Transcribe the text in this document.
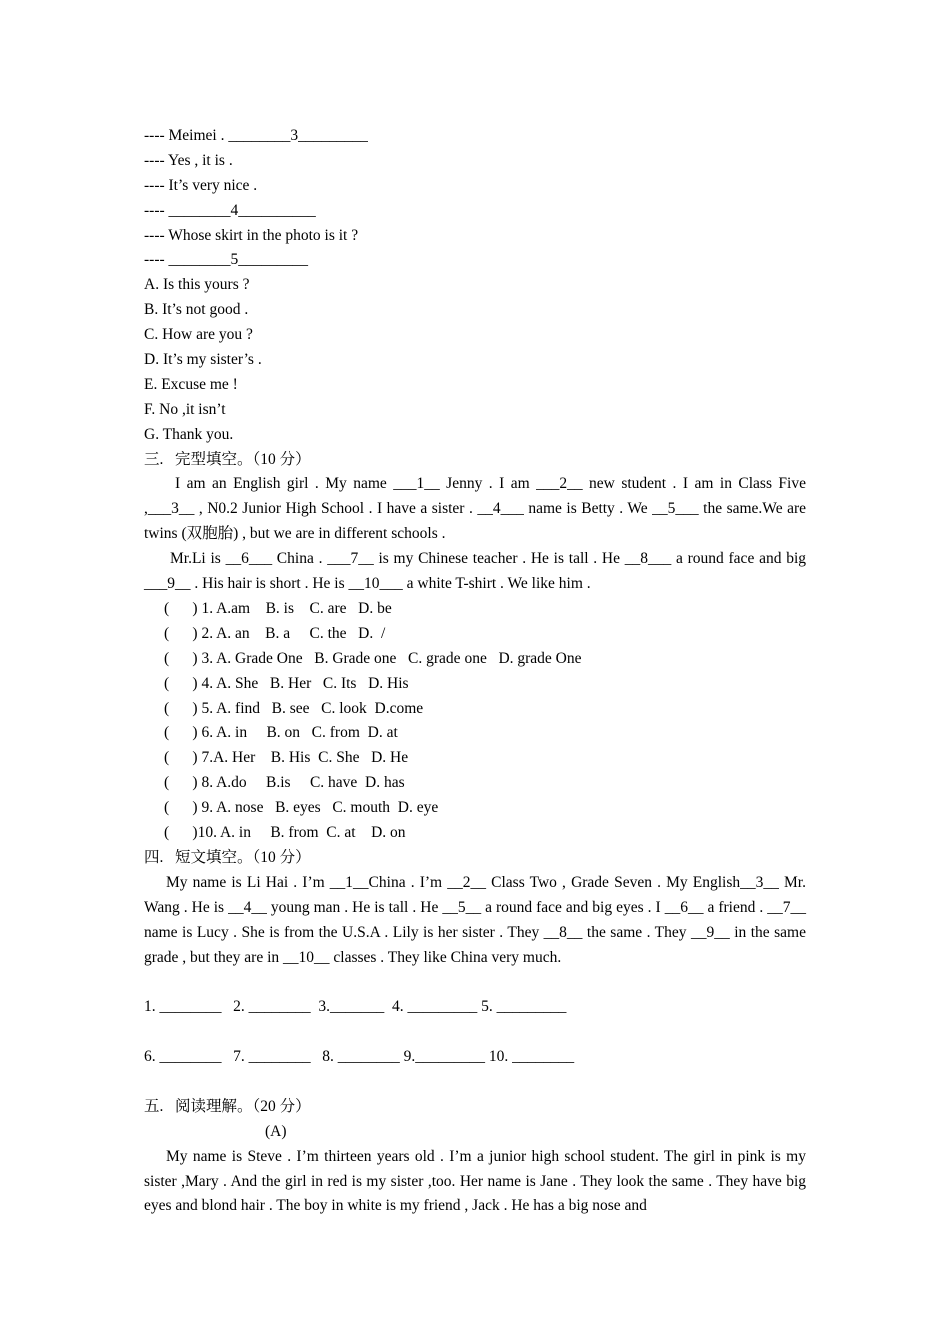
---- Meimei . ________3_________
---- Yes , it is .
---- It’s very nice .
---- ________4__________
---- Whose skirt in the photo is it ?
---- ________5_________
A. Is this yours ?
B. It’s not good .
C. How are you ?
D. It’s my sister’s .
E. Excuse me !
F. No ,it isn’t
G. Thank you.
三.   完型填空。（10 分）
I am an English girl . My name ___1__ Jenny . I am ___2__ new student . I am in Class Five ,___3__ , N0.2 Junior High School . I have a sister . __4___ name is Betty . We __5___ the same.We are twins (双胞胎) , but we are in different schools .
Mr.Li is __6___ China . ___7__ is my Chinese teacher . He is tall . He __8___ a round face and big ___9__ . His hair is short . He is __10___ a white T-shirt . We like him .
(      ) 1. A.am    B. is    C. are   D. be
(      ) 2. A. an    B. a     C. the   D.  /
(      ) 3. A. Grade One   B. Grade one   C. grade one   D. grade One
(      ) 4. A. She   B. Her   C. Its   D. His
(      ) 5. A. find   B. see   C. look  D.come
(      ) 6. A. in     B. on   C. from  D. at
(      ) 7.A. Her    B. His  C. She   D. He
(      ) 8. A.do     B.is     C. have  D. has
(      ) 9. A. nose   B. eyes   C. mouth  D. eye
(      )10. A. in     B. from  C. at    D. on
四.   短文填空。（10 分）
My name is Li Hai . I’m __1__China . I’m __2__ Class Two , Grade Seven . My English__3__ Mr. Wang . He is __4__ young man . He is tall . He __5__ a round face and big eyes . I __6__ a friend . __7__ name is Lucy . She is from the U.S.A . Lily is her sister . They __8__ the same . They __9__ in the same grade , but they are in __10__ classes . They like China very much.
1. ________   2. ________  3._______  4. _________ 5. _________
6. ________   7. ________   8. ________ 9._________ 10. ________
五.   阅读理解。（20 分）
(A)
My name is Steve . I’m thirteen years old . I’m a junior high school student. The girl in pink is my sister ,Mary . And the girl in red is my sister ,too. Her name is Jane . They look the same . They have big eyes and blond hair . The boy in white is my friend , Jack . He has a big nose and
